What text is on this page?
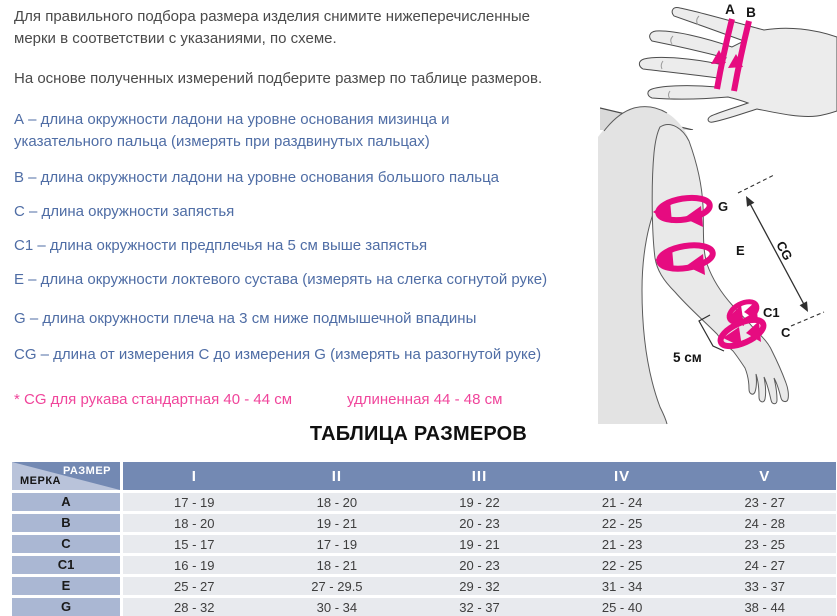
Для правильного подбора размера изделия снимите нижеперечисленные мерки в соответствии с указаниями, по схеме.
На основе полученных измерений подберите размер по таблице размеров.
А – длина окружности ладони на уровне основания мизинца и указательного пальца (измерять при раздвинутых пальцах)
В – длина окружности ладони на уровне основания большого пальца
С – длина окружности запястья
С1 – длина окружности предплечья на 5 см выше запястья
Е – длина окружности локтевого сустава (измерять на слегка согнутой руке)
G – длина окружности плеча на 3 см ниже подмышечной впадины
CG – длина от измерения С до измерения G (измерять на разогнутой руке)
* CG для рукава стандартная 40 - 44 см	удлиненная 44 - 48 см
ТАБЛИЦА РАЗМЕРОВ
РАЗМЕР
МЕРКА	I	II	III	IV	V
А	17 - 19	18 - 20	19 - 22	21 - 24	23 - 27
В	18 - 20	19 - 21	20 - 23	22 - 25	24 - 28
С	15 - 17	17 - 19	19 - 21	21 - 23	23 - 25
С1	16 - 19	18 - 21	20 - 23	22 - 25	24 - 27
Е	25 - 27	27 - 29.5	29 - 32	31 - 34	33 - 37
G	28 - 32	30 - 34	32 - 37	25 - 40	38 - 44
A B
G
E
C1
C
CG
5 см
